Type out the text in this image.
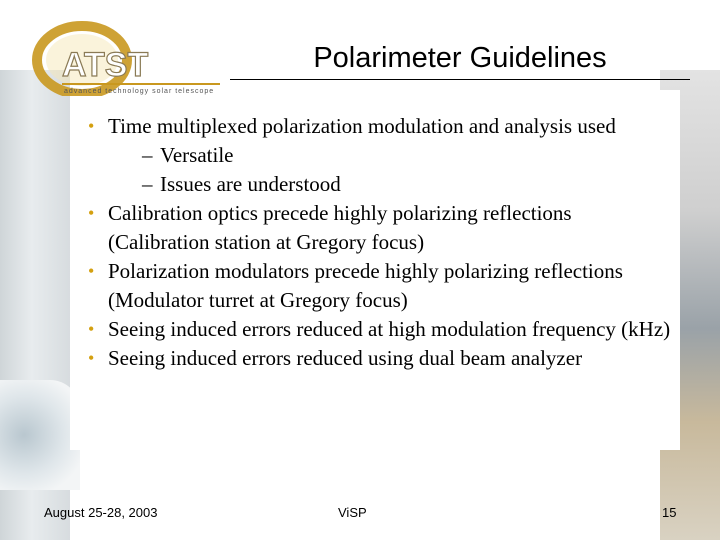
ATST
advanced technology solar telescope
Polarimeter Guidelines
• Time multiplexed polarization modulation and analysis used
– Versatile
– Issues are understood
• Calibration optics precede highly polarizing reflections (Calibration station at Gregory focus)
• Polarization modulators precede highly polarizing reflections (Modulator turret at Gregory focus)
• Seeing induced errors reduced at high modulation frequency (kHz)
• Seeing induced errors reduced using dual beam analyzer
August 25-28, 2003	ViSP	15
